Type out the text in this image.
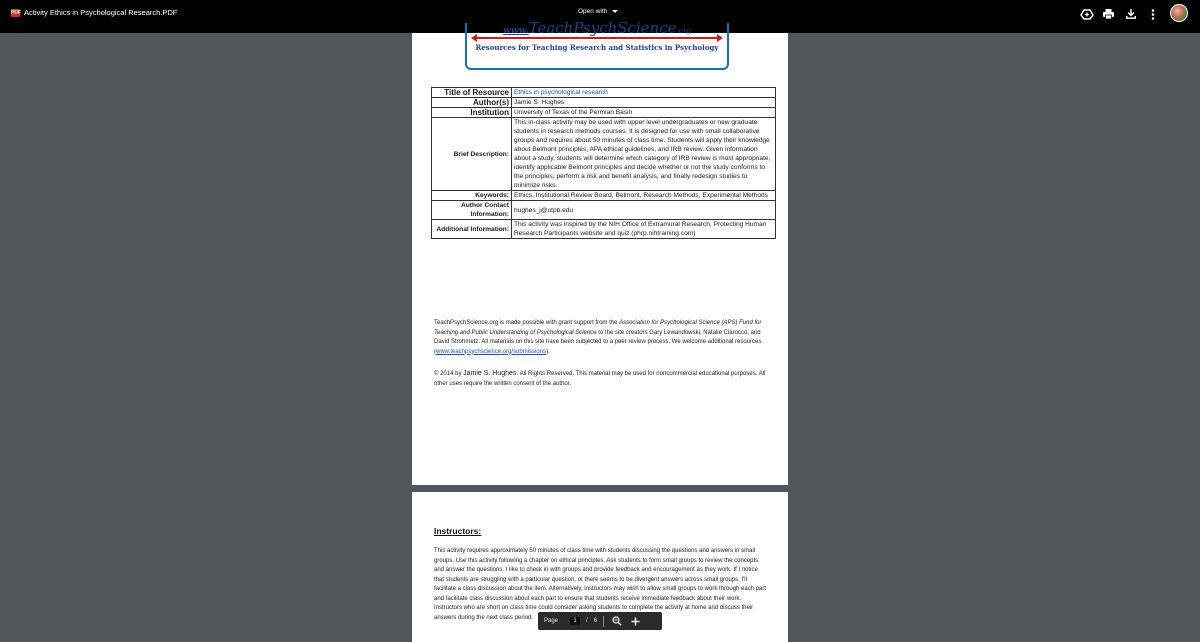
PDF Activity Ethics in Psychological Research.PDF	Open with
www.TeachPsychScience.org
Resources for Teaching Research and Statistics in Psychology
Title of Resource	Ethics in psychological research
Author(s)	Jamie S. Hughes
Institution	University of Texas of the Permian Basin
Brief Description:	This in-class activity may be used with upper level undergraduates or new graduate students in research methods courses. It is designed for use with small collaborative groups and requires about 50 minutes of class time. Students will apply their knowledge about Belmont principles, APA ethical guidelines, and IRB review. Given information about a study, students will determine which category of IRB review is most appropriate, identify applicable Belmont principles and decide whether or not the study conforms to the principles, perform a risk and benefit analysis, and finally redesign studies to minimize risks.
Keywords:	Ethics, Institutional Review Board, Belmont, Research Methods, Experimental Methods
Author Contact Information:	hughes_j@utpb.edu
Additional Information:	This activity was inspired by the NIH Office of Extramural Research, Protecting Human Research Participants website and quiz (phrp.nihtraining.com)
TeachPsychScience.org is made possible with grant support from the Association for Psychological Science (APS) Fund for Teaching and Public Understanding of Psychological Science to the site creators Gary Lewandowski, Natalie Ciarocco, and David Strohmetz. All materials on this site have been subjected to a peer review process. We welcome additional resources (www.teachpsychscience.org/submissions).
© 2014 by Jamie S. Hughes. All Rights Reserved. This material may be used for noncommercial educational purposes. All other uses require the written consent of the author.
Instructors:
This activity requires approximately 50 minutes of class time with students discussing the questions and answers in small groups. Use this activity following a chapter on ethical principles. Ask students to form small groups to review the concepts and answer the questions. I like to check in with groups and provide feedback and encouragement as they work. If I notice that students are struggling with a particular question, or there seems to be divergent answers across small groups, I'll facilitate a class discussion about the item. Alternatively, instructors may wish to allow small groups to work through each part and facilitate class discussion about each part to ensure that students receive immediate feedback about their work. Instructors who are short on class time could consider asking students to complete the activity at home and discuss their answers during the next class period.
Page	1	/ 6
